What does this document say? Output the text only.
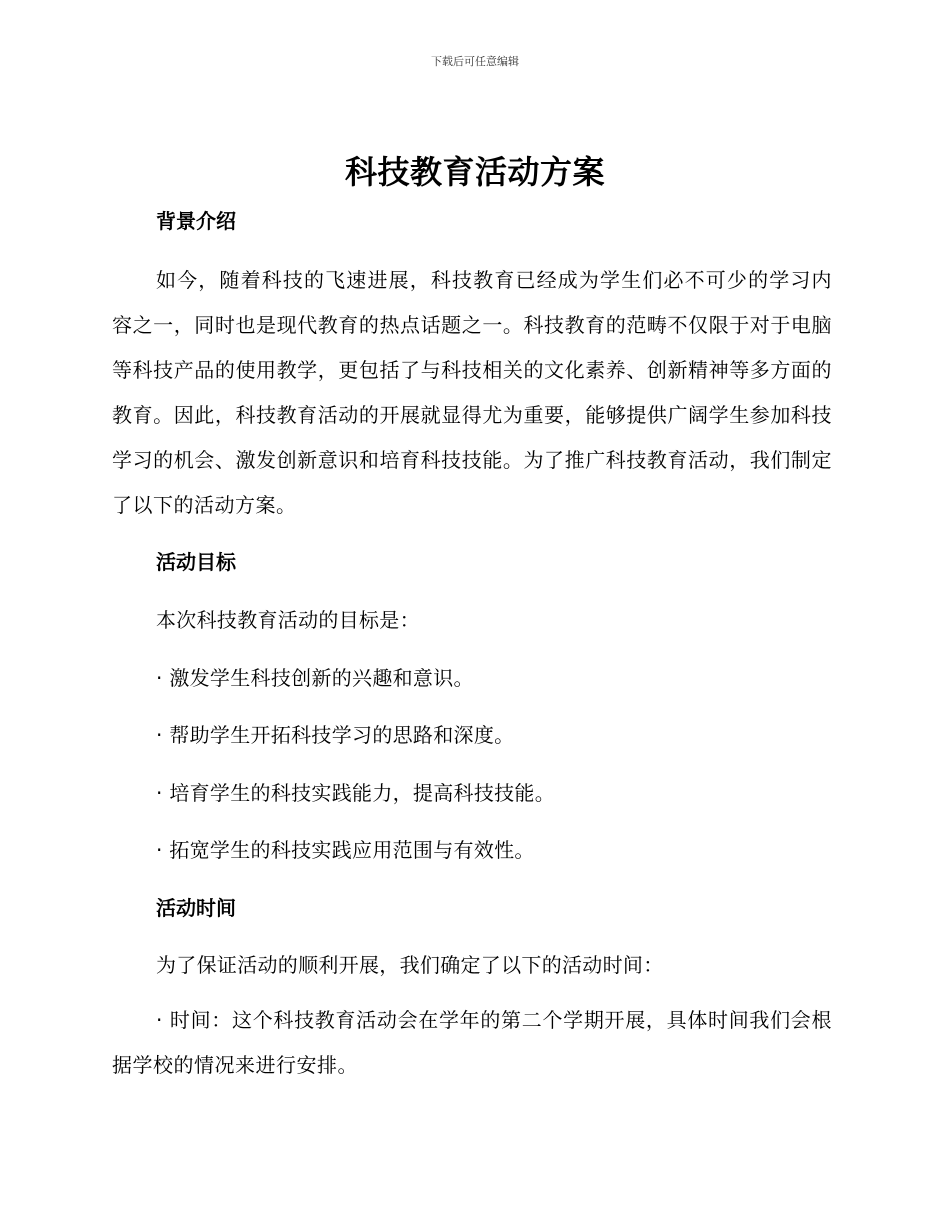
下载后可任意编辑
科技教育活动方案

背景介绍

如今，随着科技的飞速进展，科技教育已经成为学生们必不可少的学习内容之一，同时也是现代教育的热点话题之一。科技教育的范畴不仅限于对于电脑等科技产品的使用教学，更包括了与科技相关的文化素养、创新精神等多方面的教育。因此，科技教育活动的开展就显得尤为重要，能够提供广阔学生参加科技学习的机会、激发创新意识和培育科技技能。为了推广科技教育活动，我们制定了以下的活动方案。

活动目标

本次科技教育活动的目标是：

· 激发学生科技创新的兴趣和意识。

· 帮助学生开拓科技学习的思路和深度。

· 培育学生的科技实践能力，提高科技技能。

· 拓宽学生的科技实践应用范围与有效性。

活动时间

为了保证活动的顺利开展，我们确定了以下的活动时间：

· 时间：这个科技教育活动会在学年的第二个学期开展，具体时间我们会根据学校的情况来进行安排。
